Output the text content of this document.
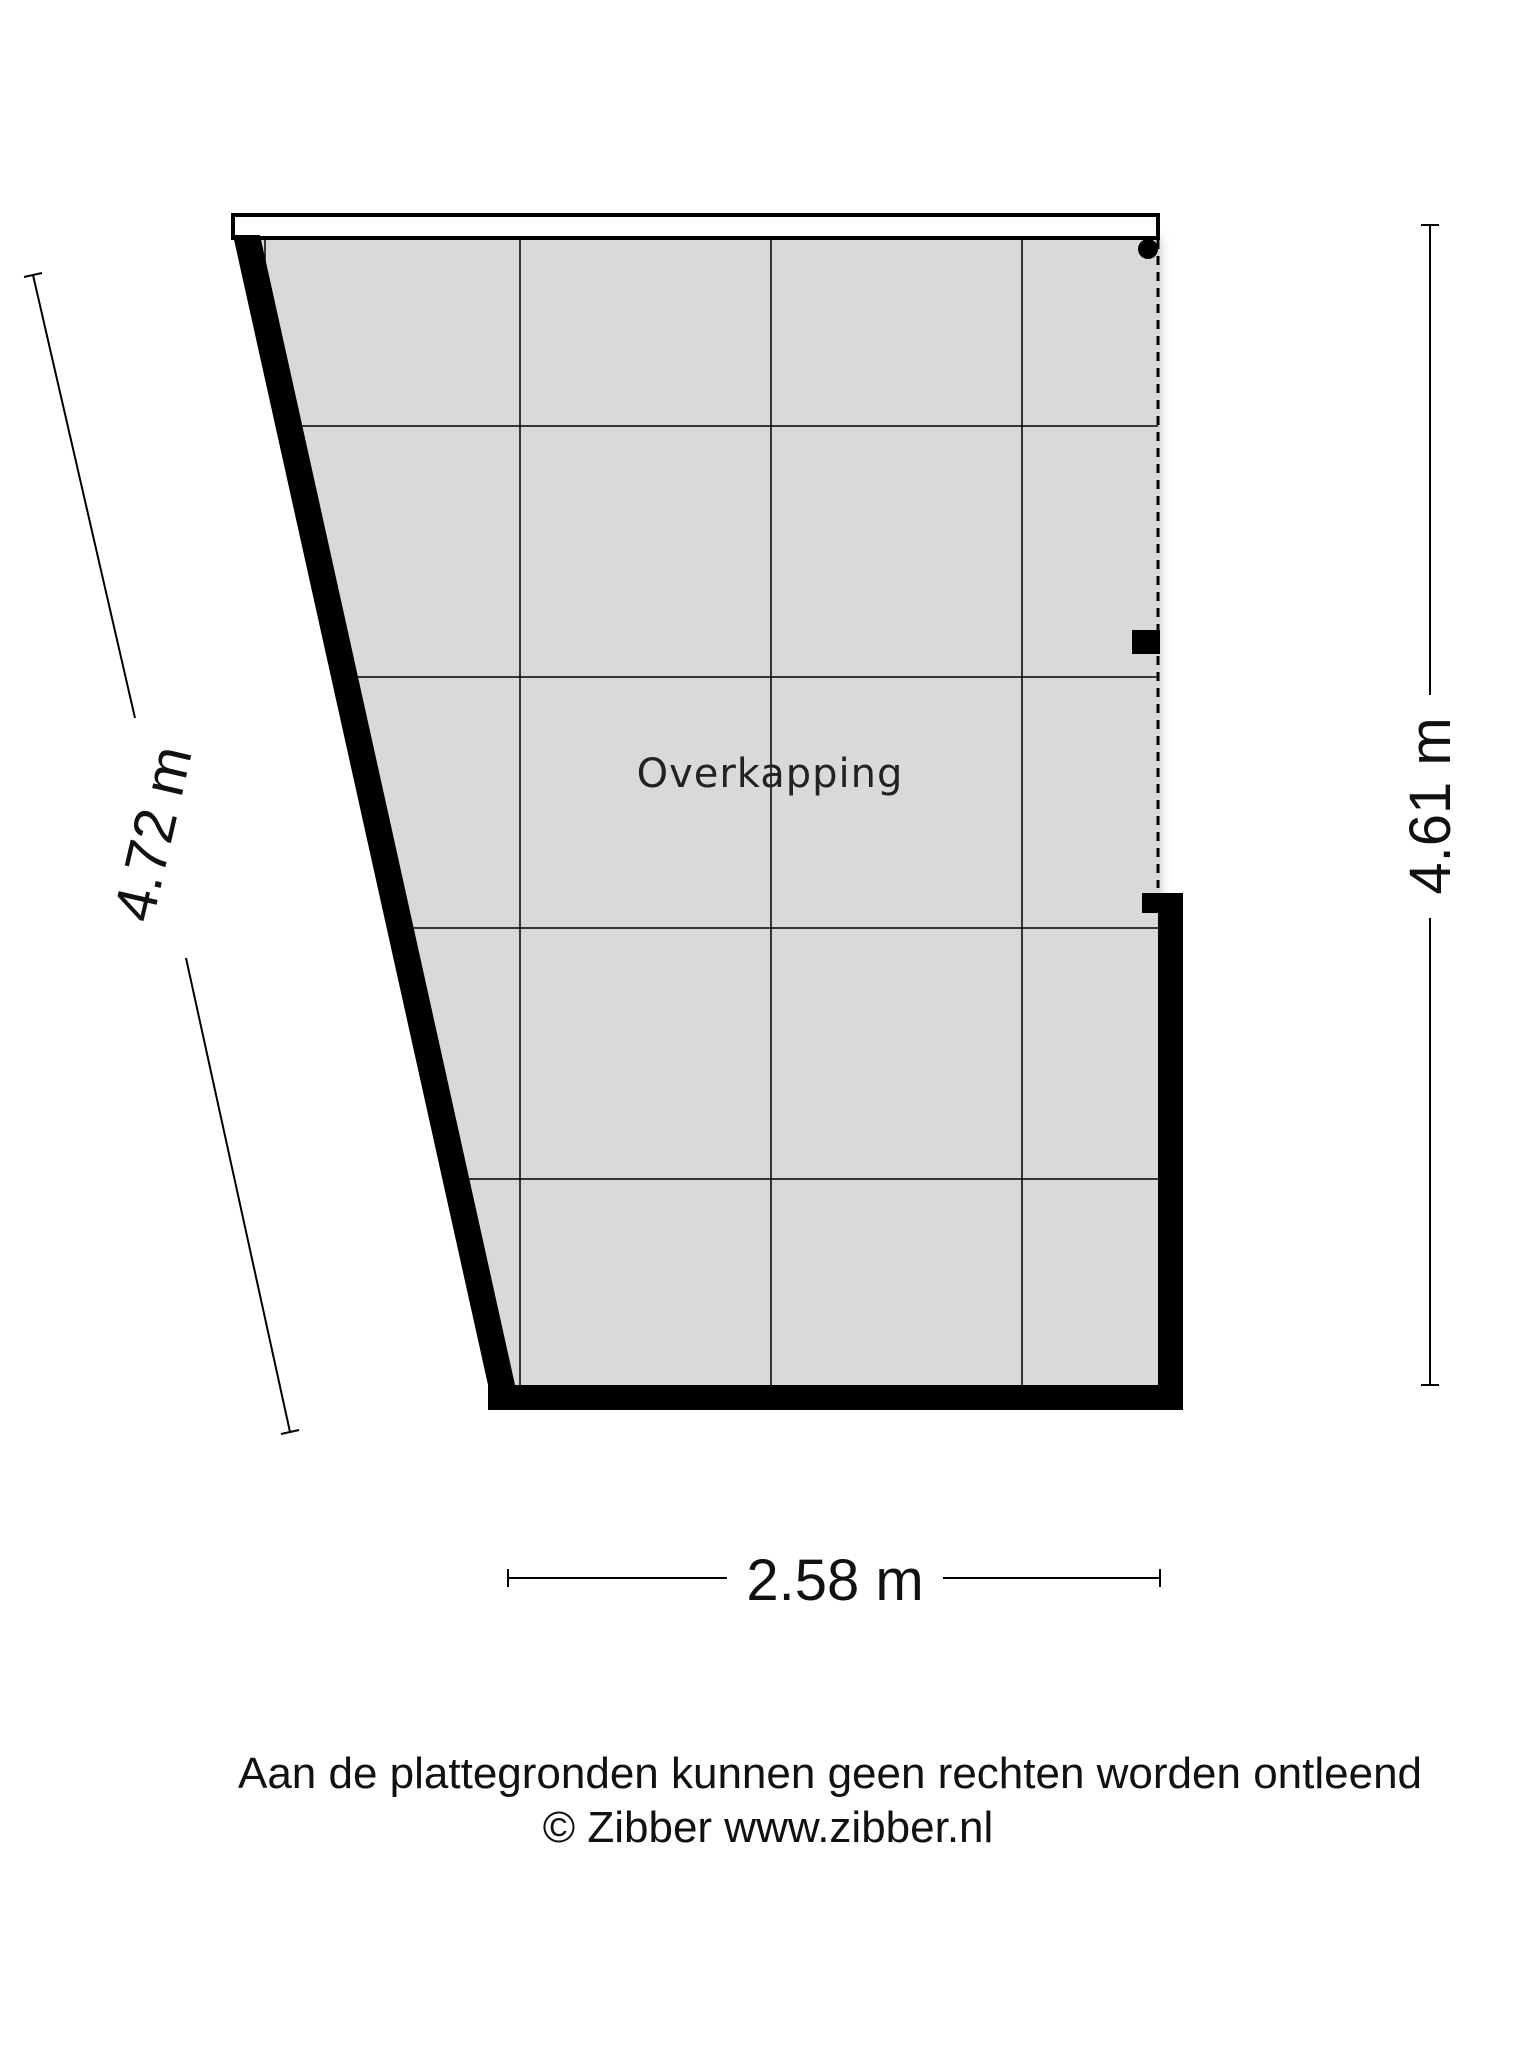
Overkapping
4.72 m	4.61 m
2.58 m
Aan de plattegronden kunnen geen rechten worden ontleend
© Zibber www.zibber.nl
